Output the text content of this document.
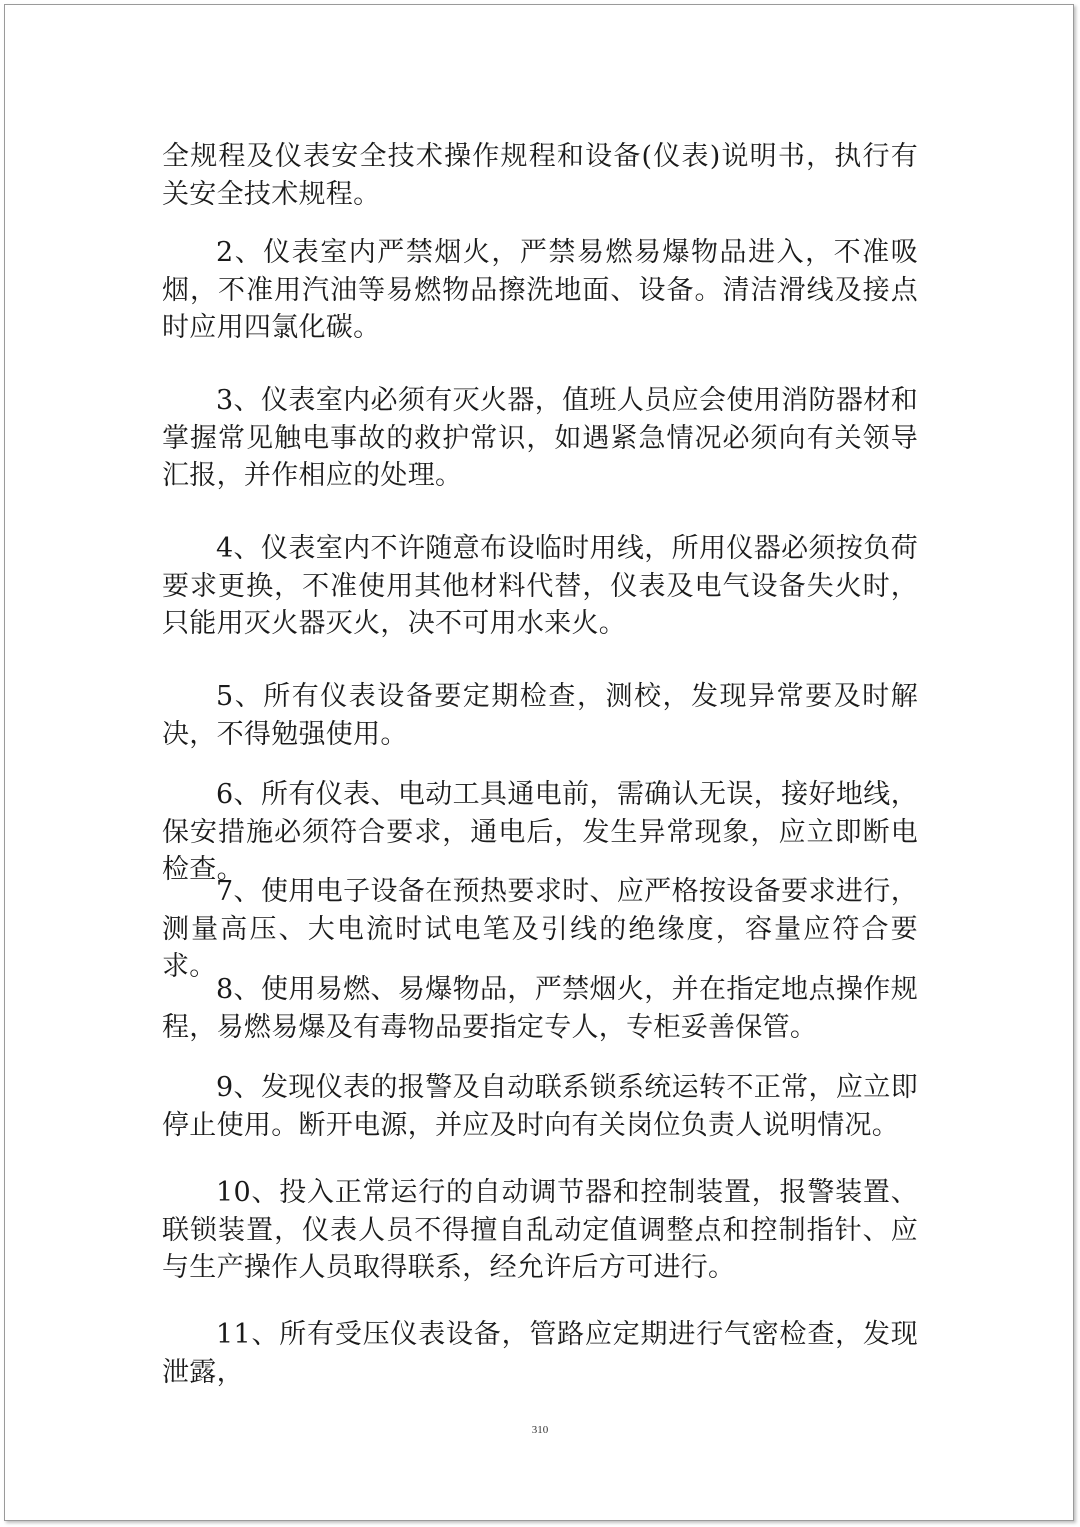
全规程及仪表安全技术操作规程和设备(仪表)说明书，执行有关安全技术规程。

2、仪表室内严禁烟火，严禁易燃易爆物品进入，不准吸烟，不准用汽油等易燃物品擦洗地面、设备。清洁滑线及接点时应用四氯化碳。

3、仪表室内必须有灭火器，值班人员应会使用消防器材和掌握常见触电事故的救护常识，如遇紧急情况必须向有关领导汇报，并作相应的处理。

4、仪表室内不许随意布设临时用线，所用仪器必须按负荷要求更换，不准使用其他材料代替，仪表及电气设备失火时，只能用灭火器灭火，决不可用水来火。

5、所有仪表设备要定期检查，测校，发现异常要及时解决，不得勉强使用。

6、所有仪表、电动工具通电前，需确认无误，接好地线，保安措施必须符合要求，通电后，发生异常现象，应立即断电检查。

7、使用电子设备在预热要求时、应严格按设备要求进行，测量高压、大电流时试电笔及引线的绝缘度，容量应符合要求。

8、使用易燃、易爆物品，严禁烟火，并在指定地点操作规程，易燃易爆及有毒物品要指定专人，专柜妥善保管。

9、发现仪表的报警及自动联系锁系统运转不正常，应立即停止使用。断开电源，并应及时向有关岗位负责人说明情况。

10、投入正常运行的自动调节器和控制装置，报警装置、联锁装置，仪表人员不得擅自乱动定值调整点和控制指针、应与生产操作人员取得联系，经允许后方可进行。

11、所有受压仪表设备，管路应定期进行气密检查，发现泄露，

310
